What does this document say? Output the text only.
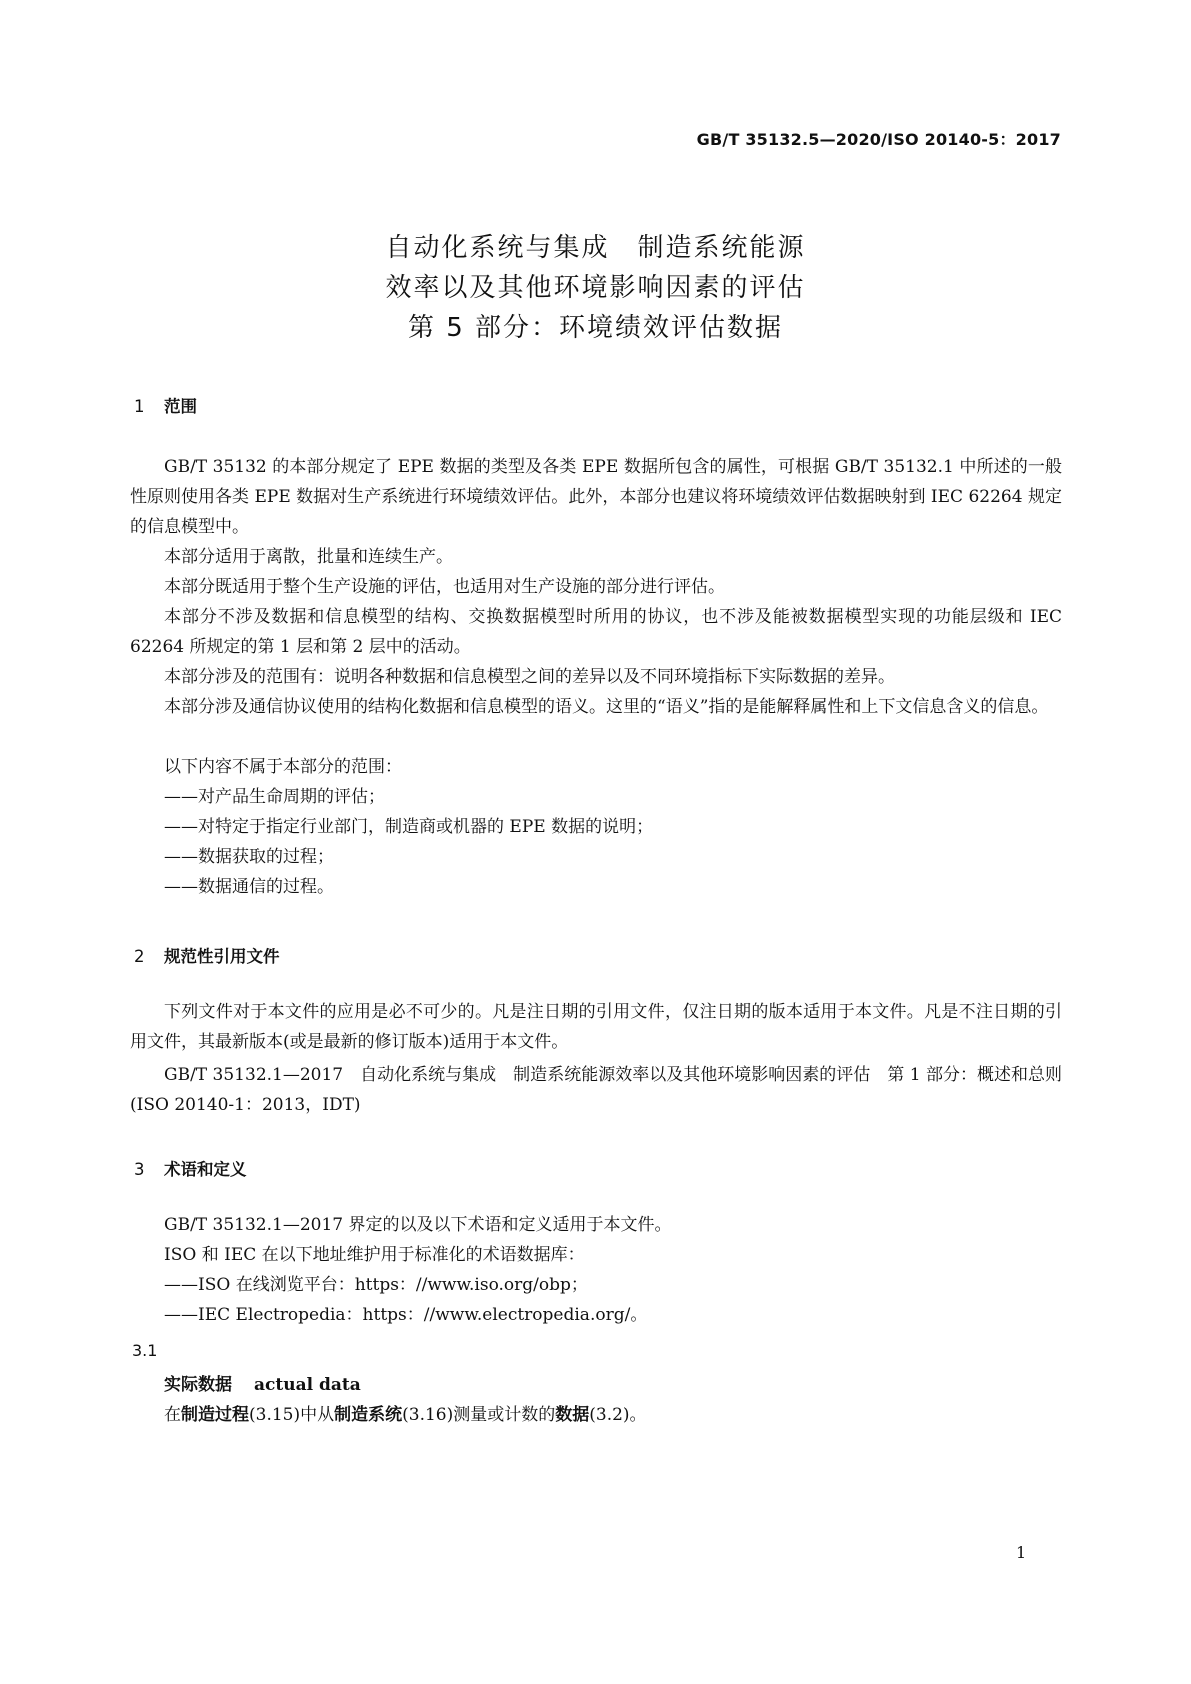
GB/T 35132.5—2020/ISO 20140-5：2017
自动化系统与集成　制造系统能源
效率以及其他环境影响因素的评估
第 5 部分：环境绩效评估数据
1 范围
GB/T 35132 的本部分规定了 EPE 数据的类型及各类 EPE 数据所包含的属性，可根据 GB/T 35132.1 中所述的一般性原则使用各类 EPE 数据对生产系统进行环境绩效评估。此外，本部分也建议将环境绩效评估数据映射到 IEC 62264 规定的信息模型中。
本部分适用于离散，批量和连续生产。
本部分既适用于整个生产设施的评估，也适用对生产设施的部分进行评估。
本部分不涉及数据和信息模型的结构、交换数据模型时所用的协议，也不涉及能被数据模型实现的功能层级和 IEC 62264 所规定的第 1 层和第 2 层中的活动。
本部分涉及的范围有：说明各种数据和信息模型之间的差异以及不同环境指标下实际数据的差异。
本部分涉及通信协议使用的结构化数据和信息模型的语义。这里的“语义”指的是能解释属性和上下文信息含义的信息。
以下内容不属于本部分的范围：
——对产品生命周期的评估；
——对特定于指定行业部门，制造商或机器的 EPE 数据的说明；
——数据获取的过程；
——数据通信的过程。
2 规范性引用文件
下列文件对于本文件的应用是必不可少的。凡是注日期的引用文件，仅注日期的版本适用于本文件。凡是不注日期的引用文件，其最新版本(或是最新的修订版本)适用于本文件。
GB/T 35132.1—2017　自动化系统与集成　制造系统能源效率以及其他环境影响因素的评估　第 1 部分：概述和总则(ISO 20140-1：2013，IDT)
3 术语和定义
GB/T 35132.1—2017 界定的以及以下术语和定义适用于本文件。
ISO 和 IEC 在以下地址维护用于标准化的术语数据库：
——ISO 在线浏览平台：https：//www.iso.org/obp；
——IEC Electropedia：https：//www.electropedia.org/。
3.1
实际数据 actual data
在制造过程(3.15)中从制造系统(3.16)测量或计数的数据(3.2)。
1
